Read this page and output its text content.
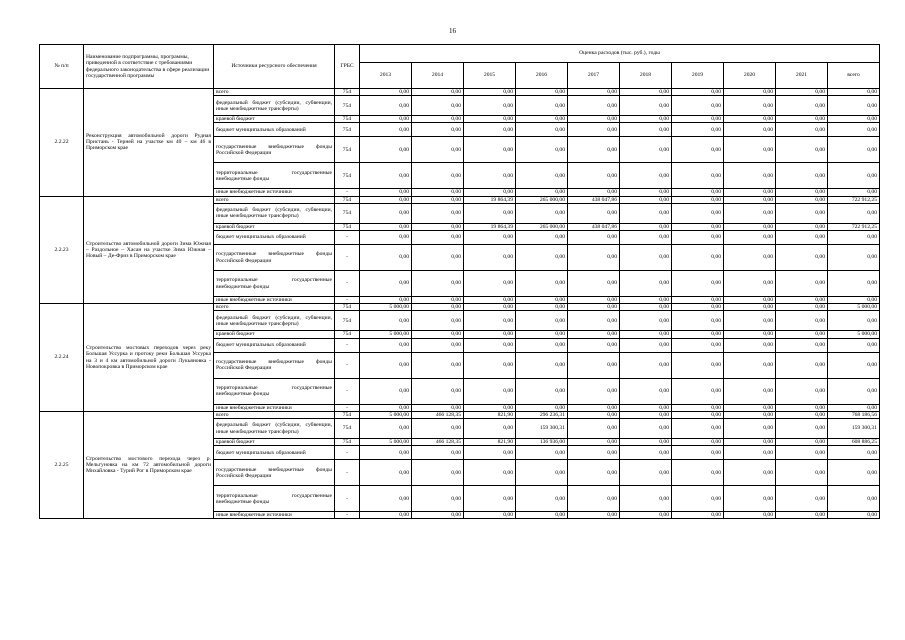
16
№ п/п	Наименование подпрограммы, программы, приведенной в соответствие с требованиями федерального законодательства в сфере реализации государственной программы	Источники ресурсного обеспечения	ГРБС	Оценка расходов (тыс. руб.), годы									
				2013	2014	2015	2016	2017	2018	2019	2020	2021	всего
2.2.22	Реконструкция автомобильной дороги Рудная Пристань - Терней на участке км 40 – км 46 в Приморском крае	всего	754	0,00	0,00	0,00	0,00	0,00	0,00	0,00	0,00	0,00	0,00
		федеральный бюджет (субсидии, субвенции, иные межбюджетные трансферты)	754	0,00	0,00	0,00	0,00	0,00	0,00	0,00	0,00	0,00	0,00
		краевой бюджет	754	0,00	0,00	0,00	0,00	0,00	0,00	0,00	0,00	0,00	0,00
		бюджет муниципальных образований	754	0,00	0,00	0,00	0,00	0,00	0,00	0,00	0,00	0,00	0,00
		государственные внебюджетные фонды Российской Федерации	754	0,00	0,00	0,00	0,00	0,00	0,00	0,00	0,00	0,00	0,00
		территориальные государственные внебюджетные фонды	754	0,00	0,00	0,00	0,00	0,00	0,00	0,00	0,00	0,00	0,00
		иные внебюджетные источники	-	0,00	0,00	0,00	0,00	0,00	0,00	0,00	0,00	0,00	0,00
2.2.23	Строительство автомобильной дороги Зима Южная – Раздольное – Хасан на участке Зима Южная – Новый – Де-Фриз в Приморском крае	всего	754	0,00	0,00	19 864,39	265 000,00	438 047,86	0,00	0,00	0,00	0,00	722 912,25
		федеральный бюджет (субсидии, субвенции, иные межбюджетные трансферты)	754	0,00	0,00	0,00	0,00	0,00	0,00	0,00	0,00	0,00	0,00
		краевой бюджет	754	0,00	0,00	19 864,39	265 000,00	438 047,86	0,00	0,00	0,00	0,00	722 912,25
		бюджет муниципальных образований	-	0,00	0,00	0,00	0,00	0,00	0,00	0,00	0,00	0,00	0,00
		государственные внебюджетные фонды Российской Федерации	-	0,00	0,00	0,00	0,00	0,00	0,00	0,00	0,00	0,00	0,00
		территориальные государственные внебюджетные фонды	-	0,00	0,00	0,00	0,00	0,00	0,00	0,00	0,00	0,00	0,00
		иные внебюджетные источники	-	0,00	0,00	0,00	0,00	0,00	0,00	0,00	0,00	0,00	0,00
2.2.24	Строительство мостовых переходов через реку Большая Уссурка и протоку реки Большая Уссурка на 3 и 4 км автомобильной дороги Лукьяновка - Новопокровка в Приморском крае	всего	754	5 000,00	0,00	0,00	0,00	0,00	0,00	0,00	0,00	0,00	5 000,00
		федеральный бюджет (субсидии, субвенции, иные межбюджетные трансферты)	754	0,00	0,00	0,00	0,00	0,00	0,00	0,00	0,00	0,00	0,00
		краевой бюджет	754	5 000,00	0,00	0,00	0,00	0,00	0,00	0,00	0,00	0,00	5 000,00
		бюджет муниципальных образований	-	0,00	0,00	0,00	0,00	0,00	0,00	0,00	0,00	0,00	0,00
		государственные внебюджетные фонды Российской Федерации	-	0,00	0,00	0,00	0,00	0,00	0,00	0,00	0,00	0,00	0,00
		территориальные государственные внебюджетные фонды	-	0,00	0,00	0,00	0,00	0,00	0,00	0,00	0,00	0,00	0,00
		иные внебюджетные источники	-	0,00	0,00	0,00	0,00	0,00	0,00	0,00	0,00	0,00	0,00
2.2.25	Строительство мостового перехода через р. Мельгуновка на км 72 автомобильной дороги Михайловка - Турий Рог в Приморском крае	всего	754	5 000,00	466 128,35	821,90	296 236,31	0,00	0,00	0,00	0,00	0,00	768 186,56
		федеральный бюджет (субсидии, субвенции, иные межбюджетные трансферты)	754	0,00	0,00	0,00	159 300,31	0,00	0,00	0,00	0,00	0,00	159 300,31
		краевой бюджет	754	5 000,00	466 128,35	821,90	136 936,00	0,00	0,00	0,00	0,00	0,00	608 886,25
		бюджет муниципальных образований	-	0,00	0,00	0,00	0,00	0,00	0,00	0,00	0,00	0,00	0,00
		государственные внебюджетные фонды Российской Федерации	-	0,00	0,00	0,00	0,00	0,00	0,00	0,00	0,00	0,00	0,00
		территориальные государственные внебюджетные фонды	-	0,00	0,00	0,00	0,00	0,00	0,00	0,00	0,00	0,00	0,00
		иные внебюджетные источники	-	0,00	0,00	0,00	0,00	0,00	0,00	0,00	0,00	0,00	0,00
